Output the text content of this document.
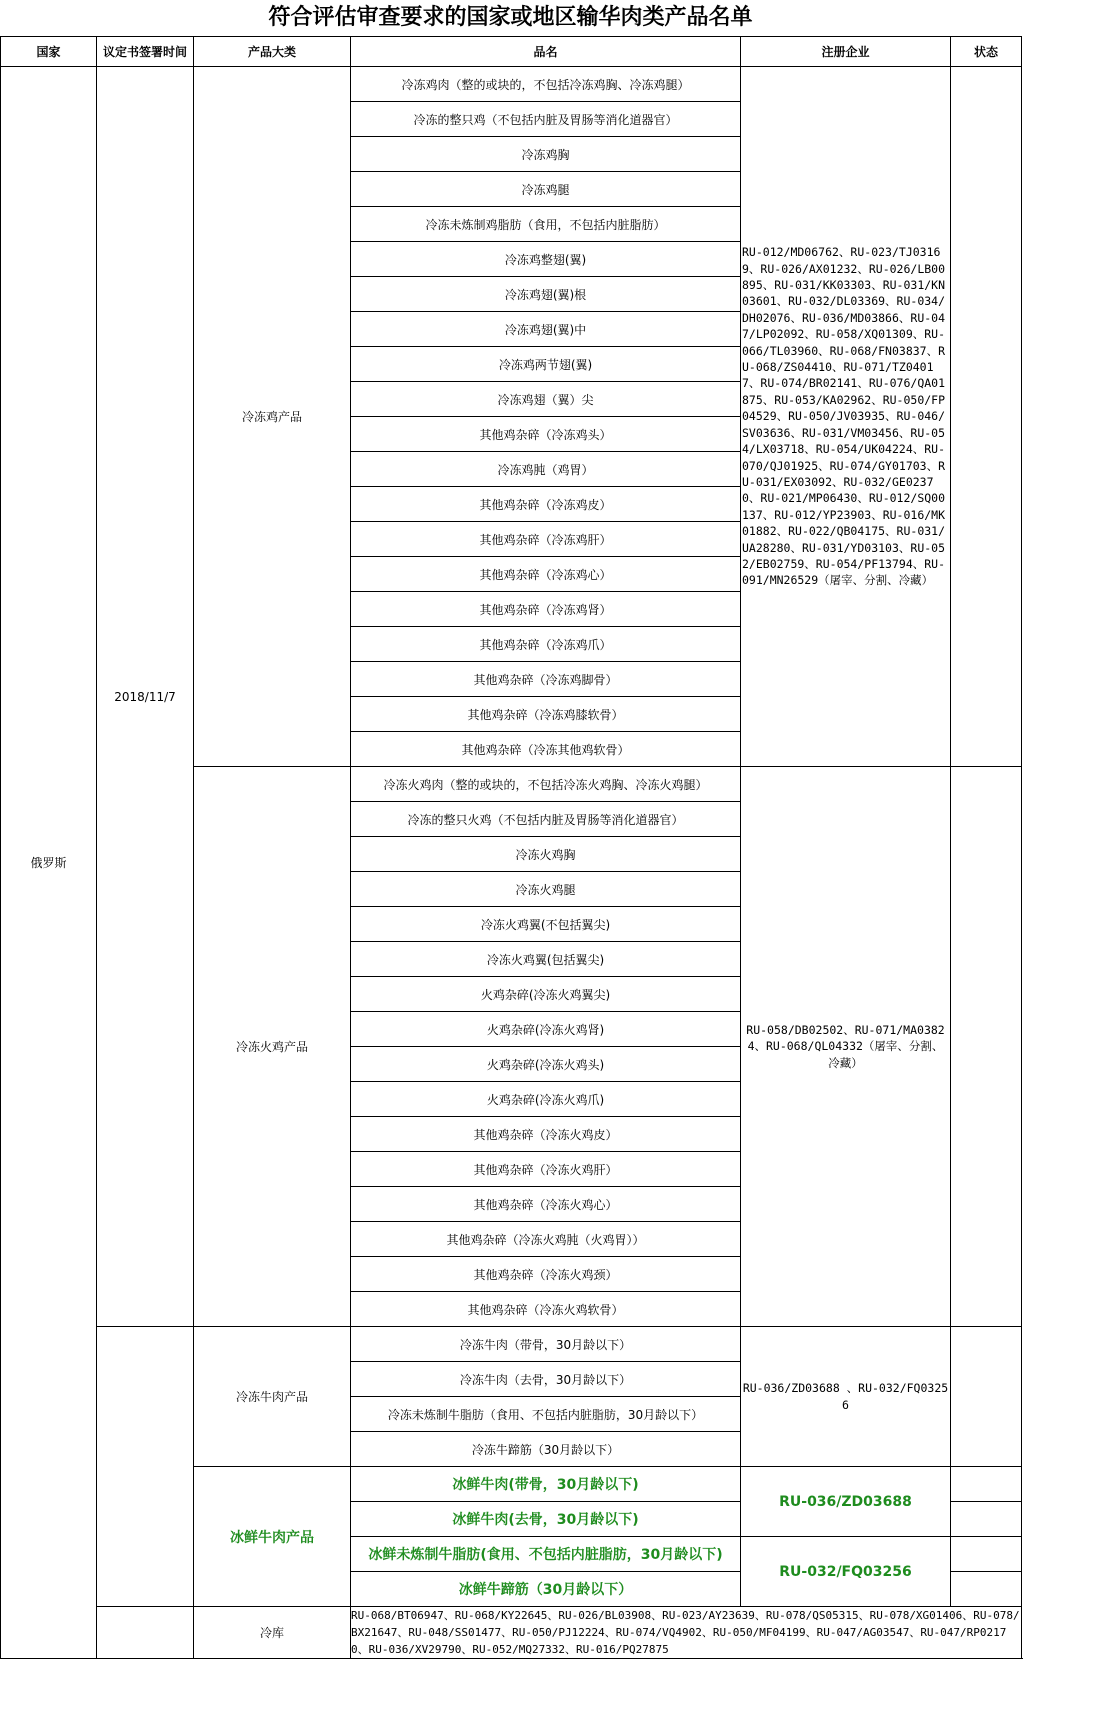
符合评估审查要求的国家或地区输华肉类产品名单
国家	议定书签署时间	产品大类	品名	注册企业	状态
俄罗斯	2018/11/7	冷冻鸡产品	冷冻鸡肉（整的或块的，不包括冷冻鸡胸、冷冻鸡腿）	RU-012/MD06762、RU-023/TJ03169、RU-026/AX01232、RU-026/LB00895、RU-031/KK03303、RU-031/KN03601、RU-032/DL03369、RU-034/DH02076、RU-036/MD03866、RU-047/LP02092、RU-058/XQ01309、RU-066/TL03960、RU-068/FN03837、RU-068/ZS04410、RU-071/TZ04017、RU-074/BR02141、RU-076/QA01875、RU-053/KA02962、RU-050/FP04529、RU-050/JV03935、RU-046/SV03636、RU-031/VM03456、RU-054/LX03718、RU-054/UK04224、RU-070/QJ01925、RU-074/GY01703、RU-031/EX03092、RU-032/GE02370、RU-021/MP06430、RU-012/SQ00137、RU-012/YP23903、RU-016/MK01882、RU-022/QB04175、RU-031/UA28280、RU-031/YD03103、RU-052/EB02759、RU-054/PF13794、RU-091/MN26529（屠宰、分割、冷藏）	
			冷冻的整只鸡（不包括内脏及胃肠等消化道器官）		
			冷冻鸡胸		
			冷冻鸡腿		
			冷冻未炼制鸡脂肪（食用，不包括内脏脂肪）		
			冷冻鸡整翅(翼)		
			冷冻鸡翅(翼)根		
			冷冻鸡翅(翼)中		
			冷冻鸡两节翅(翼)		
			冷冻鸡翅（翼）尖		
			其他鸡杂碎（冷冻鸡头）		
			冷冻鸡肫（鸡胃）		
			其他鸡杂碎（冷冻鸡皮）		
			其他鸡杂碎（冷冻鸡肝）		
			其他鸡杂碎（冷冻鸡心）		
			其他鸡杂碎（冷冻鸡肾）		
			其他鸡杂碎（冷冻鸡爪）		
			其他鸡杂碎（冷冻鸡脚骨）		
			其他鸡杂碎（冷冻鸡膝软骨）		
			其他鸡杂碎（冷冻其他鸡软骨）		
		冷冻火鸡产品	冷冻火鸡肉（整的或块的，不包括冷冻火鸡胸、冷冻火鸡腿）	RU-058/DB02502、RU-071/MA03824、RU-068/QL04332（屠宰、分割、冷藏）	
			冷冻的整只火鸡（不包括内脏及胃肠等消化道器官）		
			冷冻火鸡胸		
			冷冻火鸡腿		
			冷冻火鸡翼(不包括翼尖)		
			冷冻火鸡翼(包括翼尖)		
			火鸡杂碎(冷冻火鸡翼尖)		
			火鸡杂碎(冷冻火鸡肾)		
			火鸡杂碎(冷冻火鸡头)		
			火鸡杂碎(冷冻火鸡爪)		
			其他鸡杂碎（冷冻火鸡皮）		
			其他鸡杂碎（冷冻火鸡肝）		
			其他鸡杂碎（冷冻火鸡心）		
			其他鸡杂碎（冷冻火鸡肫（火鸡胃））		
			其他鸡杂碎（冷冻火鸡颈）		
			其他鸡杂碎（冷冻火鸡软骨）		
		冷冻牛肉产品	冷冻牛肉（带骨，30月龄以下）	RU-036/ZD03688 、RU-032/FQ03256	
			冷冻牛肉（去骨，30月龄以下）		
			冷冻未炼制牛脂肪（食用、不包括内脏脂肪，30月龄以下）		
			冷冻牛蹄筋（30月龄以下）		
		冰鲜牛肉产品	冰鲜牛肉(带骨，30月龄以下)	RU-036/ZD03688	
			冰鲜牛肉(去骨，30月龄以下)		
			冰鲜未炼制牛脂肪(食用、不包括内脏脂肪，30月龄以下)	RU-032/FQ03256	
			冰鲜牛蹄筋（30月龄以下）		
		冷库	RU-068/BT06947、RU-068/KY22645、RU-026/BL03908、RU-023/AY23639、RU-078/QS05315、RU-078/XG01406、RU-078/BX21647、RU-048/SS01477、RU-050/PJ12224、RU-074/VQ4902、RU-050/MF04199、RU-047/AG03547、RU-047/RP02170、RU-036/XV29790、RU-052/MQ27332、RU-016/PQ27875		
